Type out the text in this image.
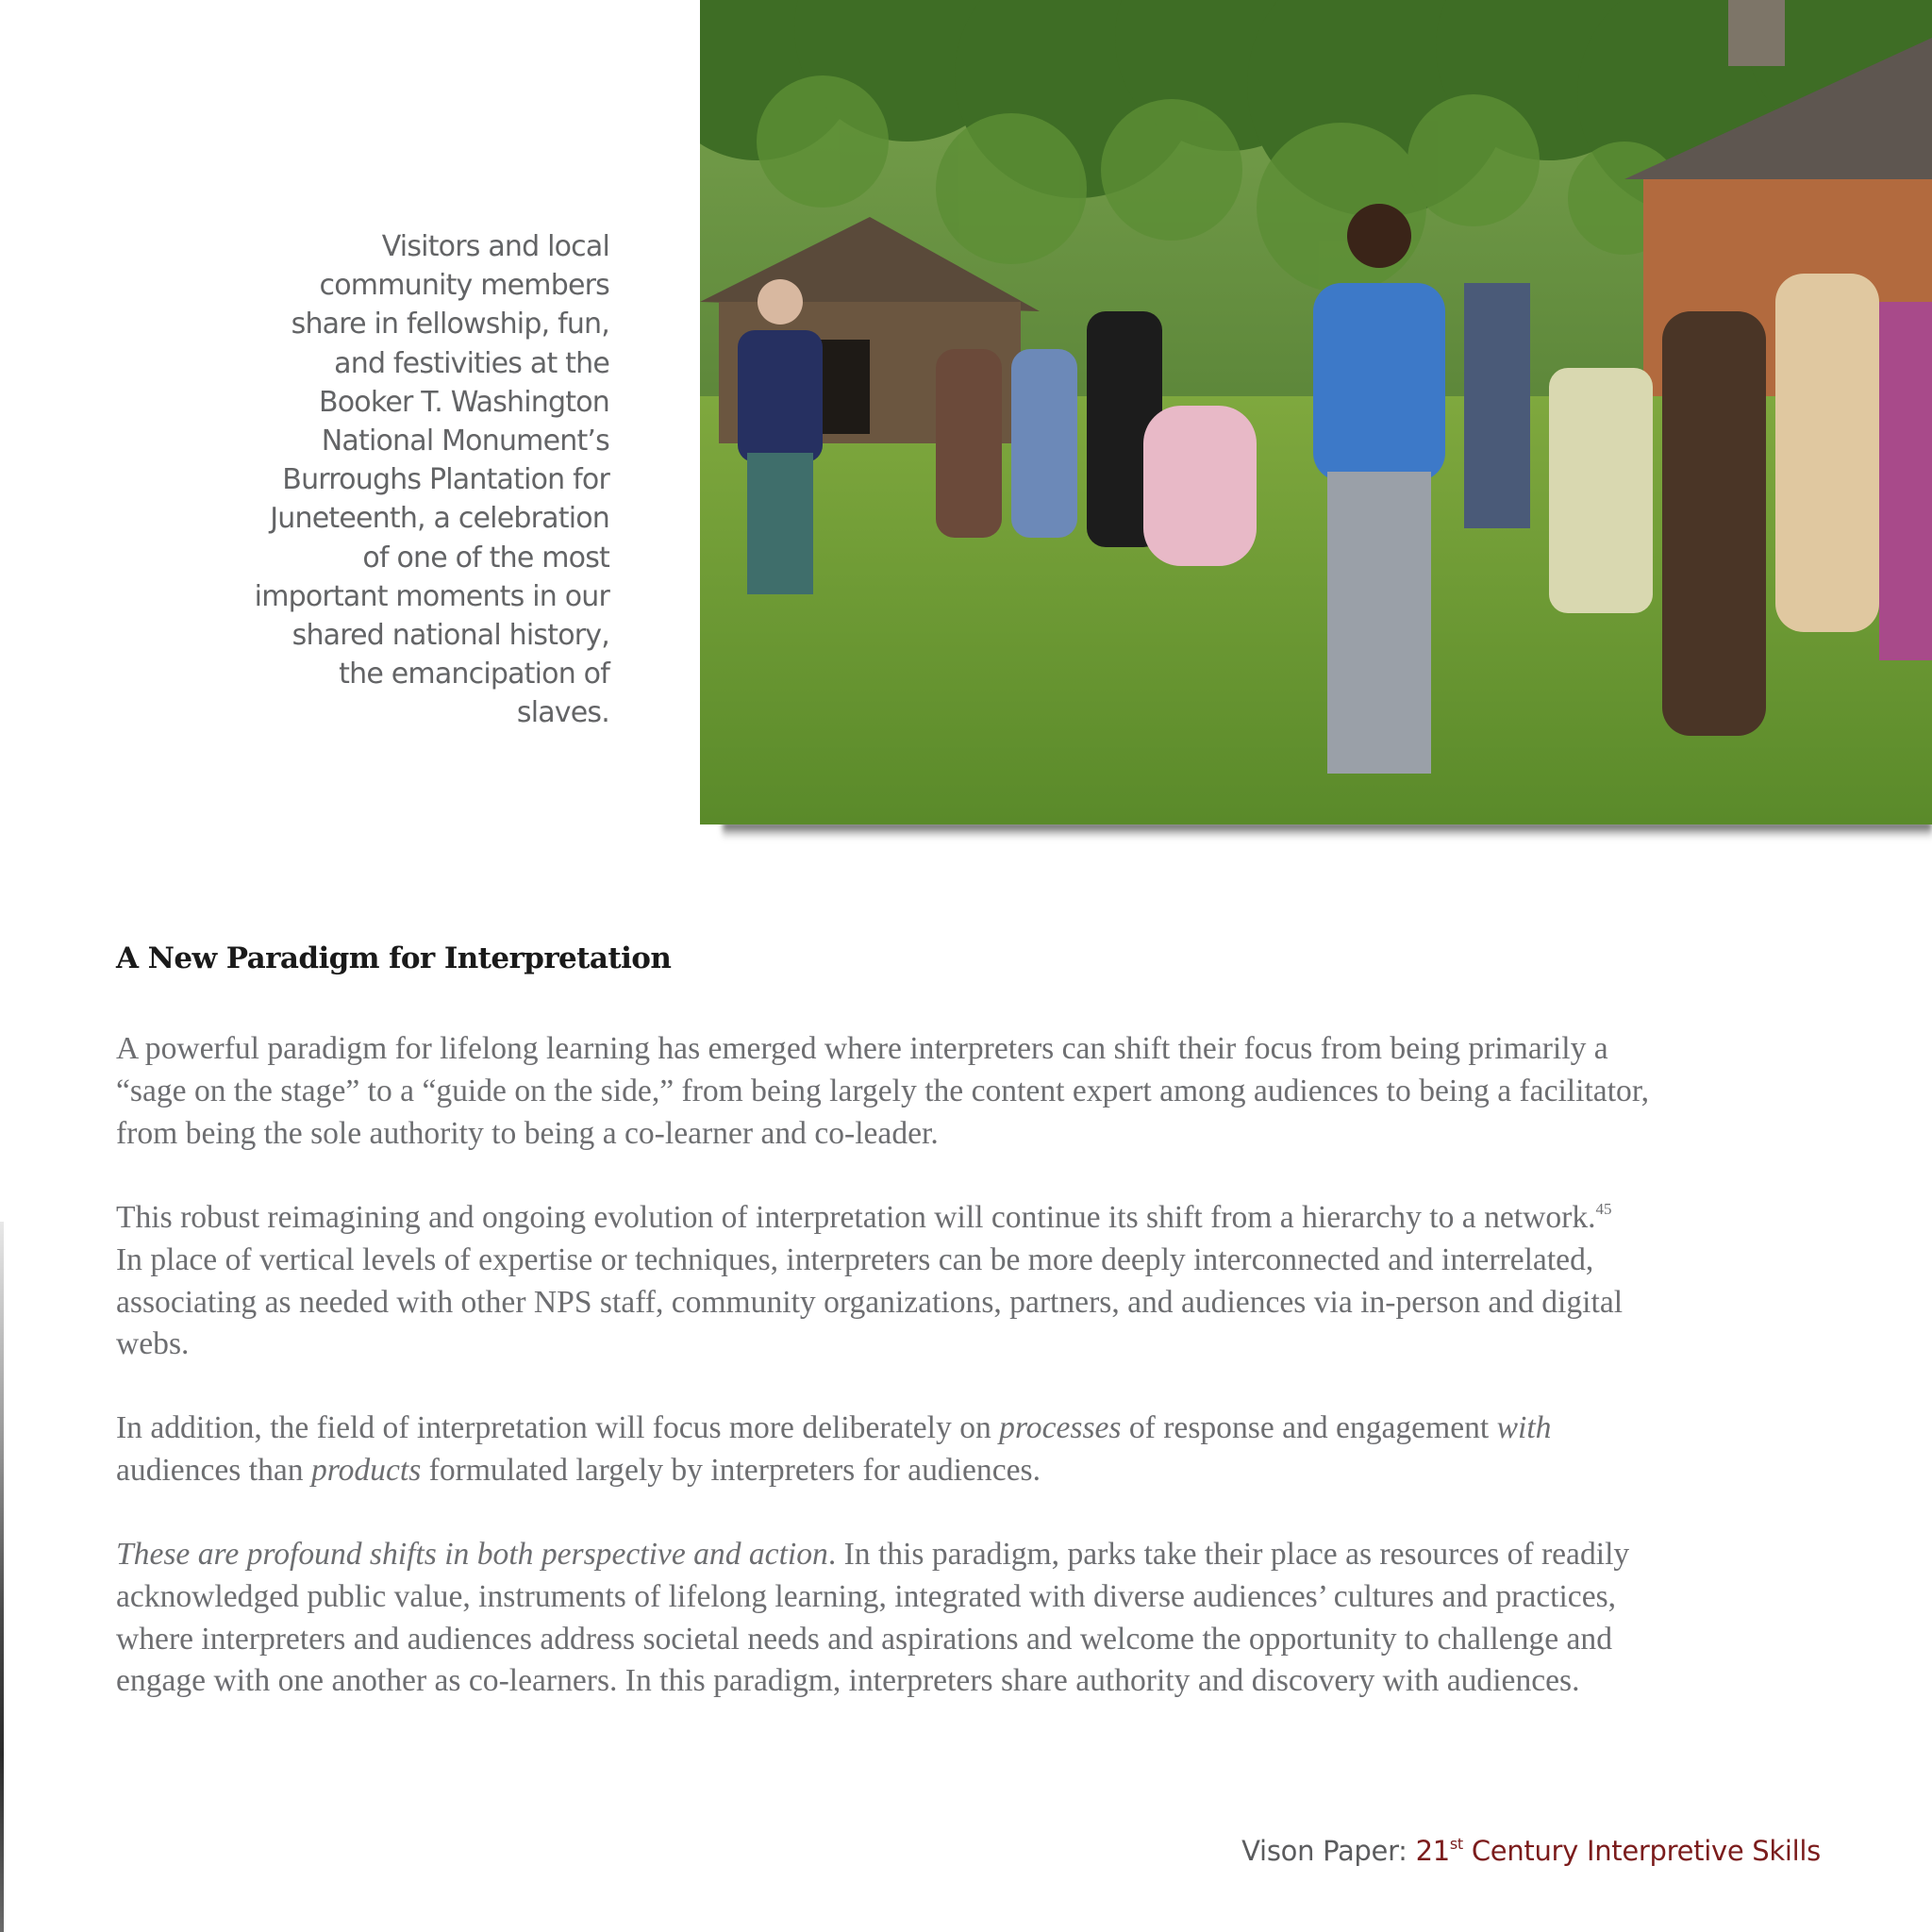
Visitors and local
community members
share in fellowship, fun,
and festivities at the
Booker T. Washington
National Monument’s
Burroughs Plantation for
Juneteenth, a celebration
of one of the most
important moments in our
shared national history,
the emancipation of
slaves.
A New Paradigm for Interpretation

A powerful paradigm for lifelong learning has emerged where interpreters can shift their focus from being primarily a
“sage on the stage” to a “guide on the side,” from being largely the content expert among audiences to being a facilitator,
from being the sole authority to being a co-learner and co-leader.

This robust reimagining and ongoing evolution of interpretation will continue its shift from a hierarchy to a network.$^{45}$
In place of vertical levels of expertise or techniques, interpreters can be more deeply interconnected and interrelated,
associating as needed with other NPS staff, community organizations, partners, and audiences via in-person and digital
webs.

In addition, the field of interpretation will focus more deliberately on processes of response and engagement with
audiences than products formulated largely by interpreters for audiences.

These are profound shifts in both perspective and action. In this paradigm, parks take their place as resources of readily
acknowledged public value, instruments of lifelong learning, integrated with diverse audiences’ cultures and practices,
where interpreters and audiences address societal needs and aspirations and welcome the opportunity to challenge and
engage with one another as co-learners. In this paradigm, interpreters share authority and discovery with audiences.

Vison Paper: 21st Century Interpretive Skills
